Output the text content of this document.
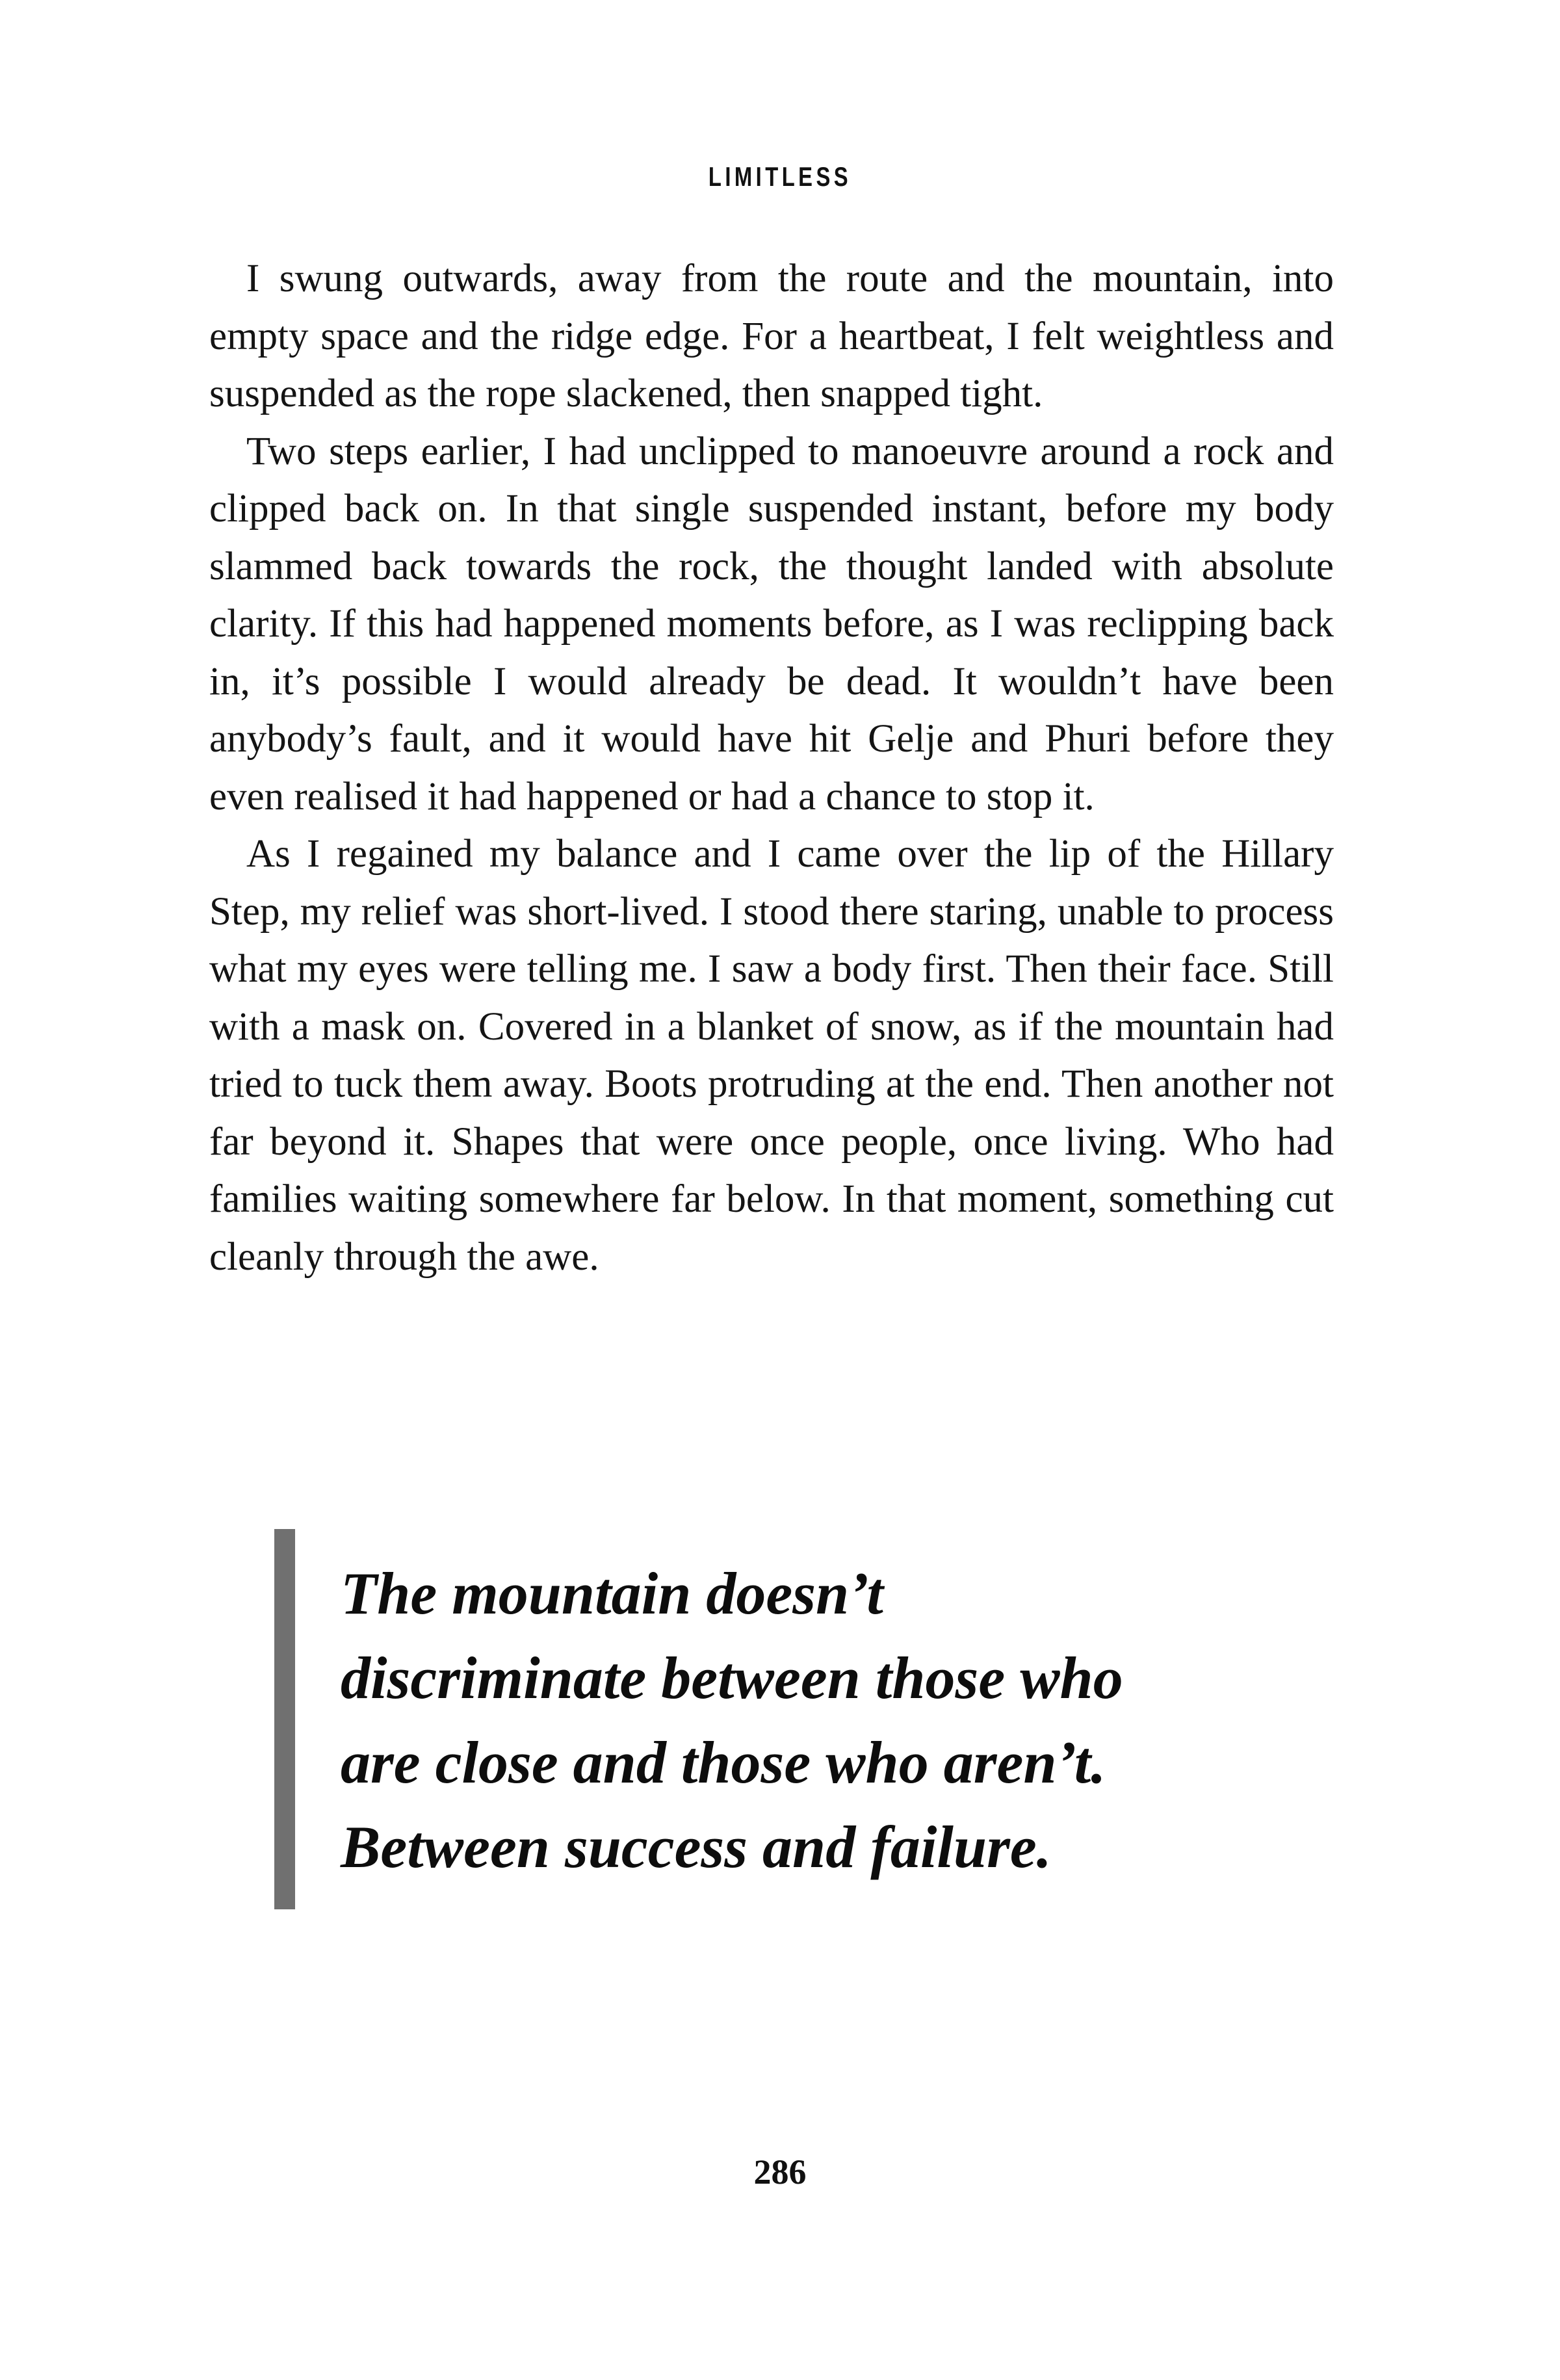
LIMITLESS

I swung outwards, away from the route and the mountain, into empty space and the ridge edge. For a heartbeat, I felt weightless and suspended as the rope slackened, then snapped tight.

Two steps earlier, I had unclipped to manoeuvre around a rock and clipped back on. In that single suspended instant, before my body slammed back towards the rock, the thought landed with absolute clarity. If this had happened moments before, as I was reclipping back in, it’s possible I would already be dead. It wouldn’t have been anybody’s fault, and it would have hit Gelje and Phuri before they even realised it had happened or had a chance to stop it.

As I regained my balance and I came over the lip of the Hillary Step, my relief was short-lived. I stood there staring, unable to process what my eyes were telling me. I saw a body first. Then their face. Still with a mask on. Covered in a blanket of snow, as if the mountain had tried to tuck them away. Boots protruding at the end. Then another not far beyond it. Shapes that were once people, once living. Who had families waiting somewhere far below. In that moment, something cut cleanly through the awe.

The mountain doesn’t
discriminate between those who
are close and those who aren’t.
Between success and failure.
286
